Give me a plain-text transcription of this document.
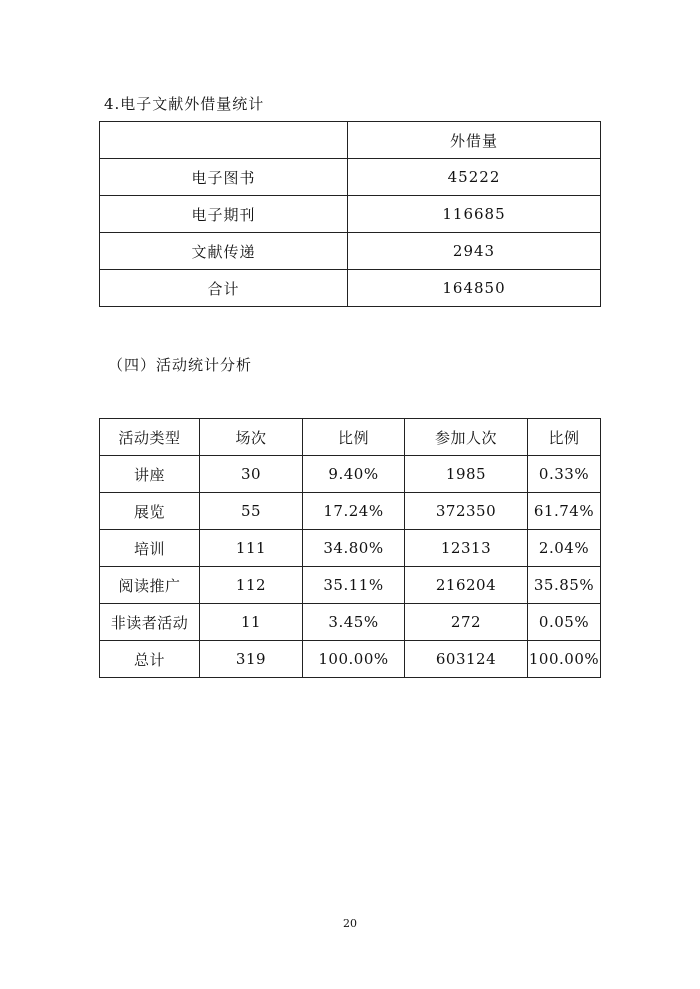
4.电子文献外借量统计
	外借量
电子图书	45222
电子期刊	116685
文献传递	2943
合计	164850
（四）活动统计分析
活动类型	场次	比例	参加人次	比例
讲座	30	9.40%	1985	0.33%
展览	55	17.24%	372350	61.74%
培训	111	34.80%	12313	2.04%
阅读推广	112	35.11%	216204	35.85%
非读者活动	11	3.45%	272	0.05%
总计	319	100.00%	603124	100.00%
20
